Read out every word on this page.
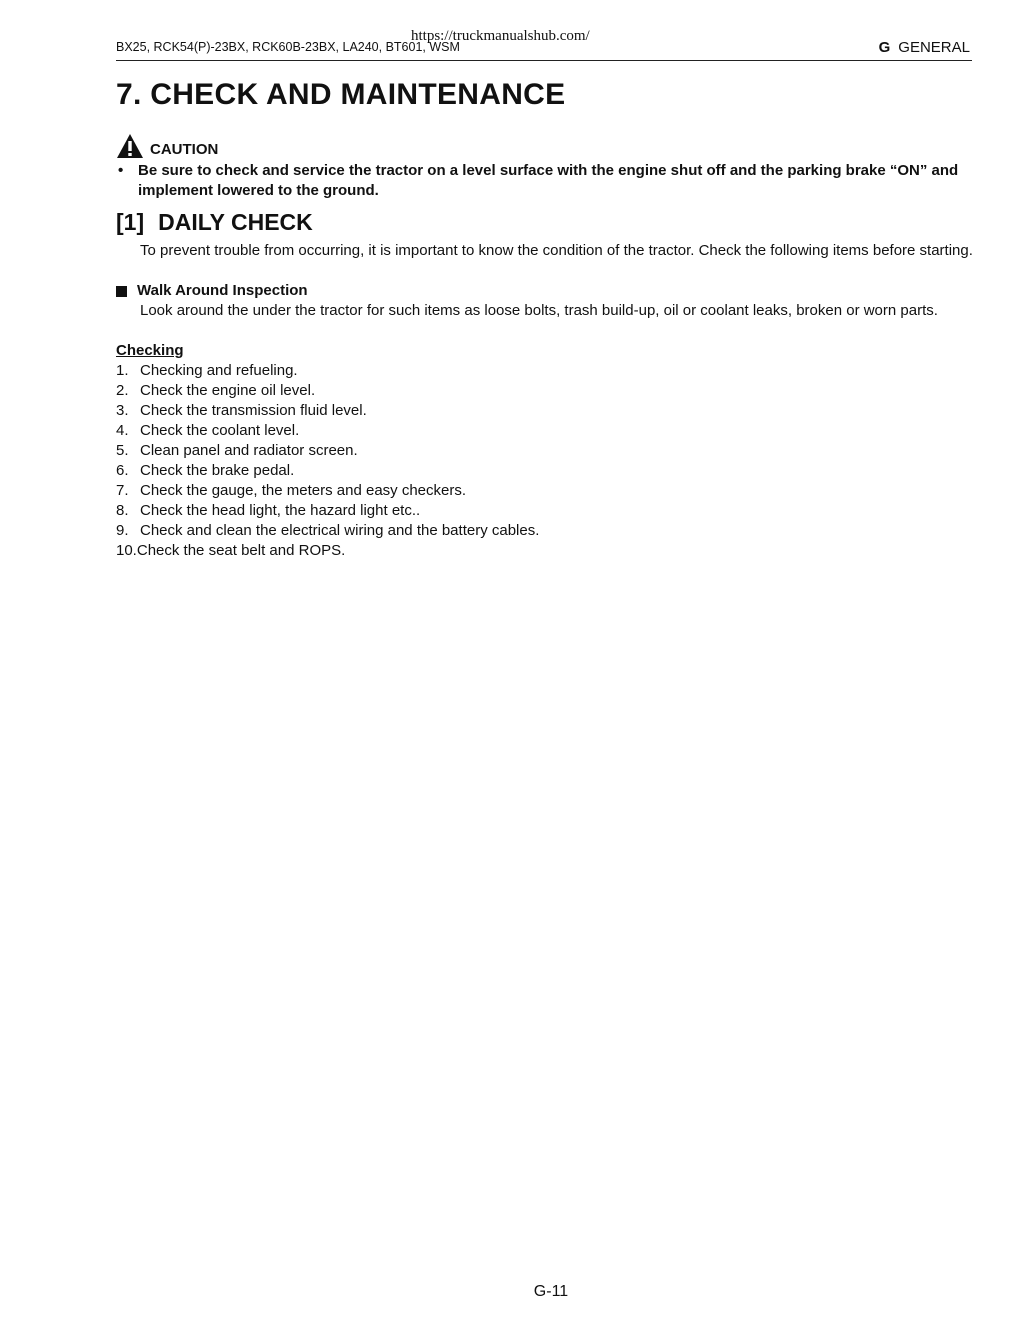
https://truckmanualshub.com/
BX25, RCK54(P)-23BX, RCK60B-23BX, LA240, BT601, WSM	G GENERAL
7. CHECK AND MAINTENANCE
CAUTION
• Be sure to check and service the tractor on a level surface with the engine shut off and the parking brake “ON” and implement lowered to the ground.
[1] DAILY CHECK
To prevent trouble from occurring, it is important to know the condition of the tractor. Check the following items before starting.
Walk Around Inspection
Look around the under the tractor for such items as loose bolts, trash build-up, oil or coolant leaks, broken or worn parts.
Checking
1. Checking and refueling.
2. Check the engine oil level.
3. Check the transmission fluid level.
4. Check the coolant level.
5. Clean panel and radiator screen.
6. Check the brake pedal.
7. Check the gauge, the meters and easy checkers.
8. Check the head light, the hazard light etc..
9. Check and clean the electrical wiring and the battery cables.
10.Check the seat belt and ROPS.
G-11
